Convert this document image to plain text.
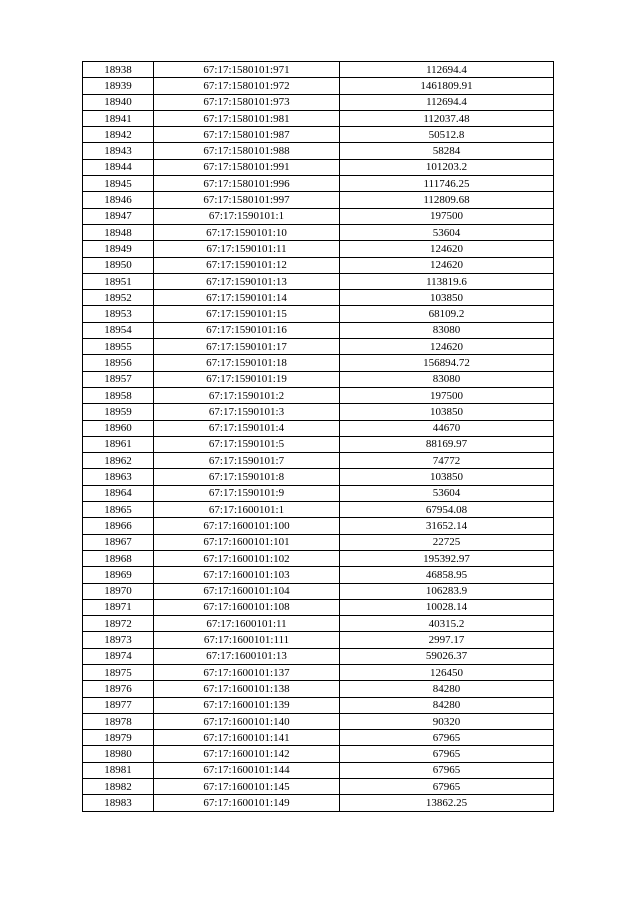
18938	67:17:1580101:971	112694.4
18939	67:17:1580101:972	1461809.91
18940	67:17:1580101:973	112694.4
18941	67:17:1580101:981	112037.48
18942	67:17:1580101:987	50512.8
18943	67:17:1580101:988	58284
18944	67:17:1580101:991	101203.2
18945	67:17:1580101:996	111746.25
18946	67:17:1580101:997	112809.68
18947	67:17:1590101:1	197500
18948	67:17:1590101:10	53604
18949	67:17:1590101:11	124620
18950	67:17:1590101:12	124620
18951	67:17:1590101:13	113819.6
18952	67:17:1590101:14	103850
18953	67:17:1590101:15	68109.2
18954	67:17:1590101:16	83080
18955	67:17:1590101:17	124620
18956	67:17:1590101:18	156894.72
18957	67:17:1590101:19	83080
18958	67:17:1590101:2	197500
18959	67:17:1590101:3	103850
18960	67:17:1590101:4	44670
18961	67:17:1590101:5	88169.97
18962	67:17:1590101:7	74772
18963	67:17:1590101:8	103850
18964	67:17:1590101:9	53604
18965	67:17:1600101:1	67954.08
18966	67:17:1600101:100	31652.14
18967	67:17:1600101:101	22725
18968	67:17:1600101:102	195392.97
18969	67:17:1600101:103	46858.95
18970	67:17:1600101:104	106283.9
18971	67:17:1600101:108	10028.14
18972	67:17:1600101:11	40315.2
18973	67:17:1600101:111	2997.17
18974	67:17:1600101:13	59026.37
18975	67:17:1600101:137	126450
18976	67:17:1600101:138	84280
18977	67:17:1600101:139	84280
18978	67:17:1600101:140	90320
18979	67:17:1600101:141	67965
18980	67:17:1600101:142	67965
18981	67:17:1600101:144	67965
18982	67:17:1600101:145	67965
18983	67:17:1600101:149	13862.25
